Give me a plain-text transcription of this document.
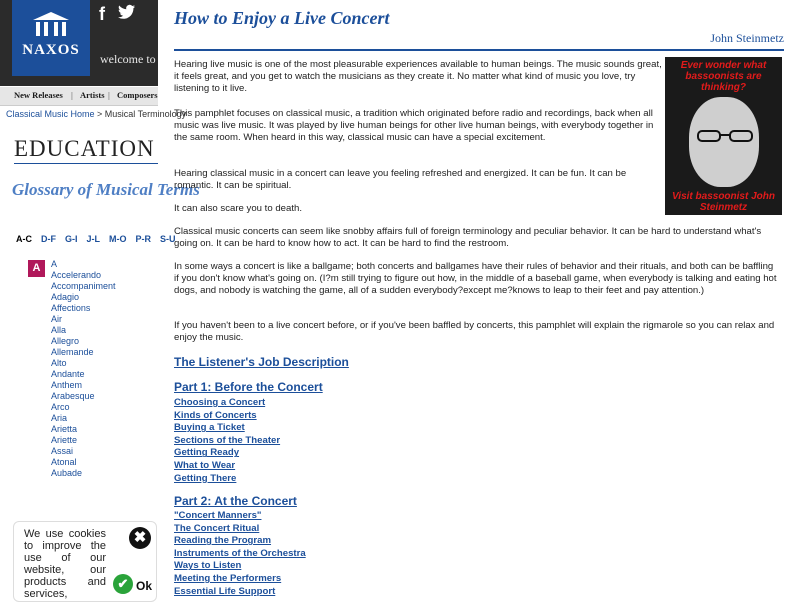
NAXOS
f
welcome to
New Releases | Artists | Composers
Classical Music Home > Musical Terminology
EDUCATION
Glossary of Musical Terms
A-C D-F G-I J-L M-O P-R S-U
A	A
Accelerando
Accompaniment
Adagio
Affections
Air
Alla
Allegro
Allemande
Alto
Andante
Anthem
Arabesque
Arco
Aria
Arietta
Ariette
Assai
Atonal
Aubade
We use cookies to improve the use of our website, our products and services,
✖
✔ Ok
How to Enjoy a Live Concert
John Steinmetz
Ever wonder what bassoonists are thinking?
Visit bassoonist John Steinmetz

Hearing live music is one of the most pleasurable experiences available to human beings. The music sounds great, it feels great, and you get to watch the musicians as they create it. No matter what kind of music you love, try listening to it live.

This pamphlet focuses on classical music, a tradition which originated before radio and recordings, back when all music was live music. It was played by live human beings for other live human beings, with everybody together in the same room. When heard in this way, classical music can have a special excitement.

Hearing classical music in a concert can leave you feeling refreshed and energized. It can be fun. It can be romantic. It can be spiritual.

It can also scare you to death.

Classical music concerts can seem like snobby affairs full of foreign terminology and peculiar behavior. It can be hard to understand what's going on. It can be hard to know how to act. It can be hard to find the restroom.

In some ways a concert is like a ballgame; both concerts and ballgames have their rules of behavior and their rituals, and both can be baffling if you don't know what's going on. (I?m still trying to figure out how, in the middle of a baseball game, when everybody is talking and eating hot dogs, and nobody is watching the game, all of a sudden everybody?except me?knows to leap to their feet and pay attention.)

If you haven't been to a live concert before, or if you've been baffled by concerts, this pamphlet will explain the rigmarole so you can relax and enjoy the music.

The Listener's Job Description

Part 1: Before the Concert

Choosing a Concert
Kinds of Concerts
Buying a Ticket
Sections of the Theater
Getting Ready
What to Wear
Getting There

Part 2: At the Concert

"Concert Manners"
The Concert Ritual
Reading the Program
Instruments of the Orchestra
Ways to Listen
Meeting the Performers
Essential Life Support
